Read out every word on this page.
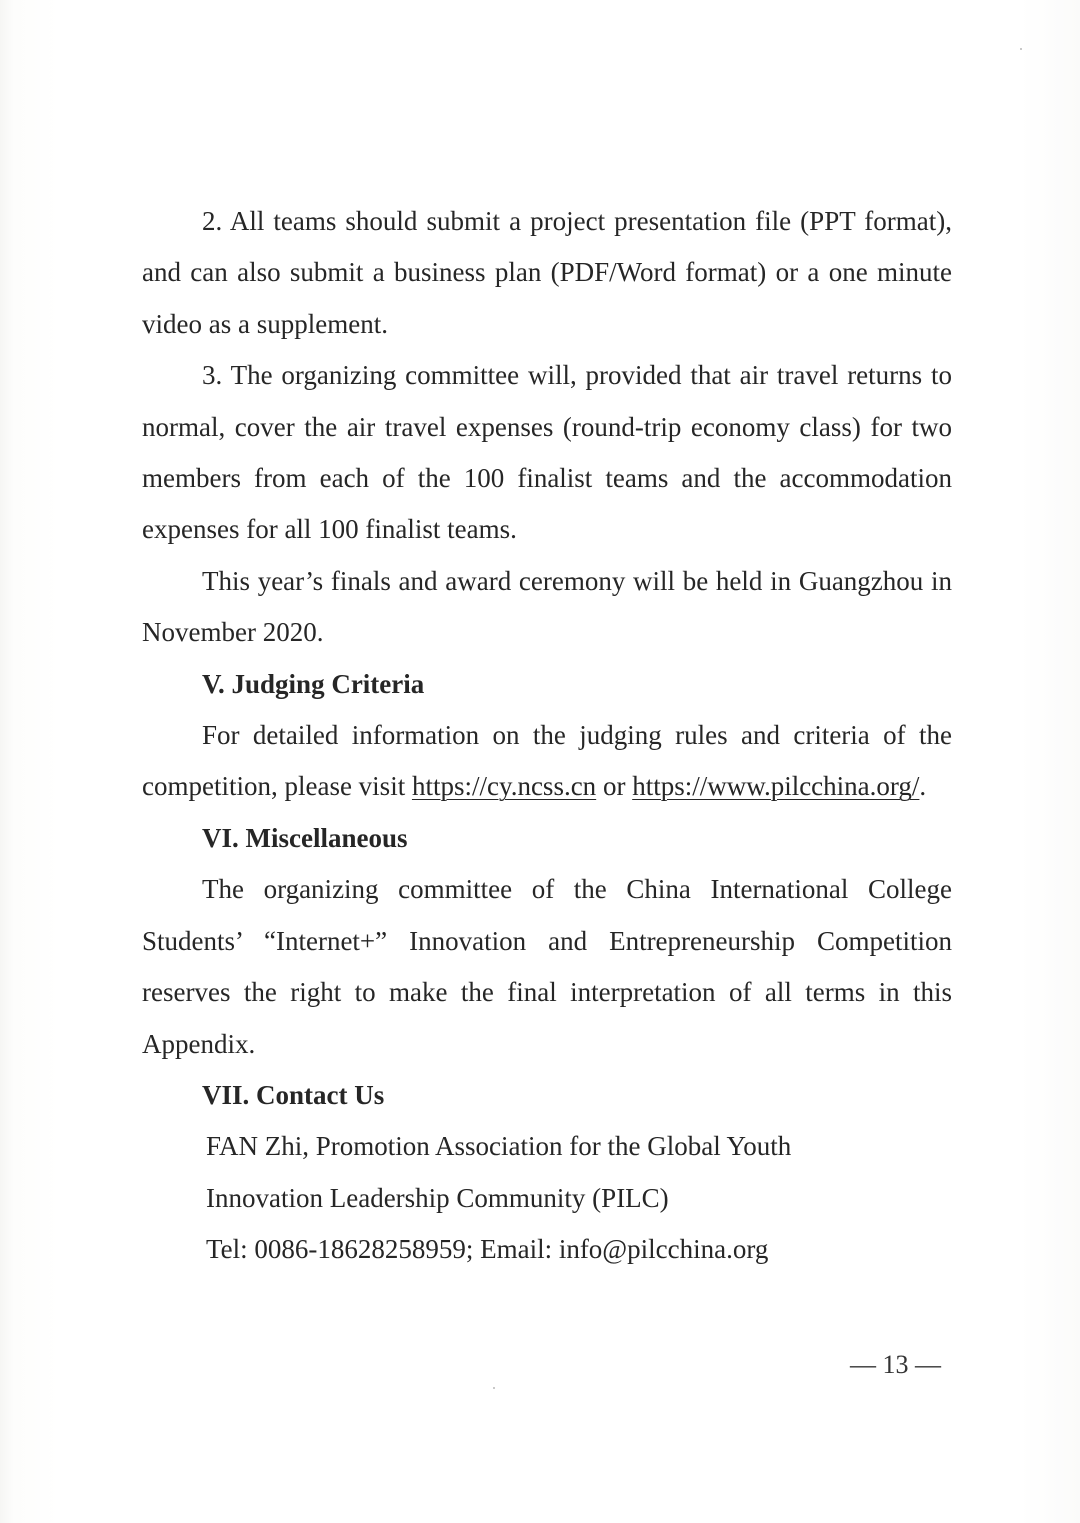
2. All teams should submit a project presentation file (PPT format), and can also submit a business plan (PDF/Word format) or a one minute video as a supplement.

3. The organizing committee will, provided that air travel returns to normal, cover the air travel expenses (round-trip economy class) for two members from each of the 100 finalist teams and the accommodation expenses for all 100 finalist teams.

This year’s finals and award ceremony will be held in Guangzhou in November 2020.

V. Judging Criteria

For detailed information on the judging rules and criteria of the competition, please visit https://cy.ncss.cn or https://www.pilcchina.org/.

VI. Miscellaneous

The organizing committee of the China International College Students’ “Internet+” Innovation and Entrepreneurship Competition reserves the right to make the final interpretation of all terms in this Appendix.

VII. Contact Us

FAN Zhi, Promotion Association for the Global Youth

Innovation Leadership Community (PILC)

Tel: 0086-18628258959; Email: info@pilcchina.org

— 13 —
